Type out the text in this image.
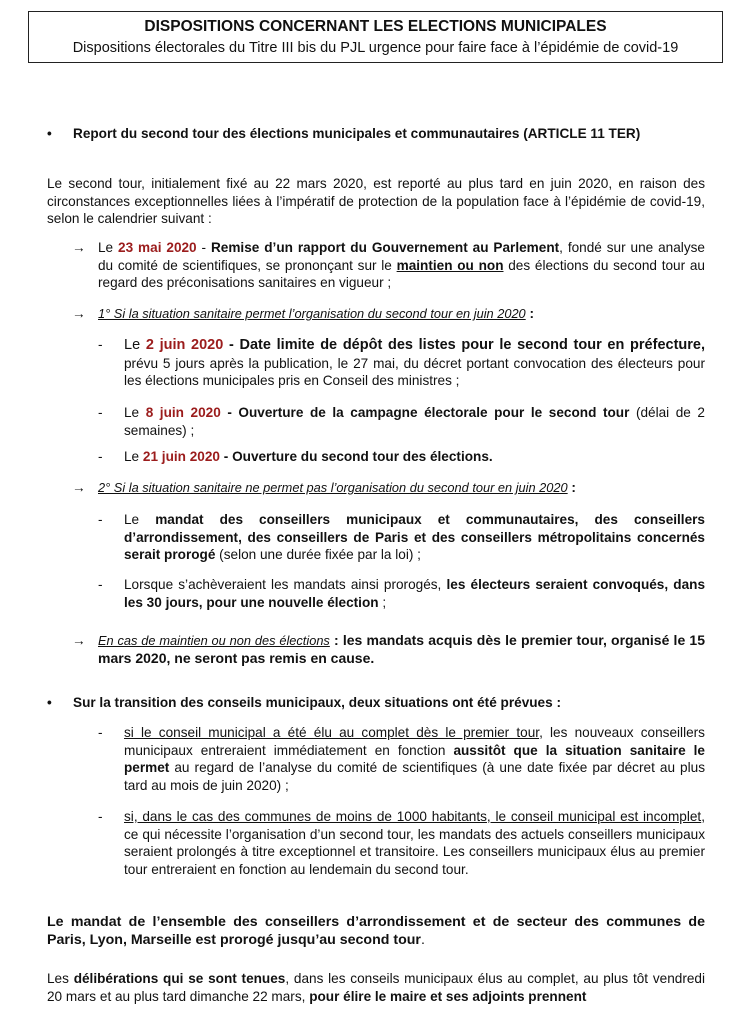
DISPOSITIONS CONCERNANT LES ELECTIONS MUNICIPALES
Dispositions électorales du Titre III bis du PJL urgence pour faire face à l’épidémie de covid-19
• Report du second tour des élections municipales et communautaires (ARTICLE 11 TER)
Le second tour, initialement fixé au 22 mars 2020, est reporté au plus tard en juin 2020, en raison des circonstances exceptionnelles liées à l’impératif de protection de la population face à l’épidémie de covid-19, selon le calendrier suivant :
→ Le 23 mai 2020 - Remise d’un rapport du Gouvernement au Parlement, fondé sur une analyse du comité de scientifiques, se prononçant sur le maintien ou non des élections du second tour au regard des préconisations sanitaires en vigueur ;
→ 1° Si la situation sanitaire permet l’organisation du second tour en juin 2020 :
- Le 2 juin 2020 - Date limite de dépôt des listes pour le second tour en préfecture, prévu 5 jours après la publication, le 27 mai, du décret portant convocation des électeurs pour les élections municipales pris en Conseil des ministres ;
- Le 8 juin 2020 - Ouverture de la campagne électorale pour le second tour (délai de 2 semaines) ;
- Le 21 juin 2020 - Ouverture du second tour des élections.
→ 2° Si la situation sanitaire ne permet pas l’organisation du second tour en juin 2020 :
- Le mandat des conseillers municipaux et communautaires, des conseillers d’arrondissement, des conseillers de Paris et des conseillers métropolitains concernés serait prorogé (selon une durée fixée par la loi) ;
- Lorsque s’achèveraient les mandats ainsi prorogés, les électeurs seraient convoqués, dans les 30 jours, pour une nouvelle élection ;
→ En cas de maintien ou non des élections : les mandats acquis dès le premier tour, organisé le 15 mars 2020, ne seront pas remis en cause.
• Sur la transition des conseils municipaux, deux situations ont été prévues :
- si le conseil municipal a été élu au complet dès le premier tour, les nouveaux conseillers municipaux entreraient immédiatement en fonction aussitôt que la situation sanitaire le permet au regard de l’analyse du comité de scientifiques (à une date fixée par décret au plus tard au mois de juin 2020) ;
- si, dans le cas des communes de moins de 1000 habitants, le conseil municipal est incomplet, ce qui nécessite l’organisation d’un second tour, les mandats des actuels conseillers municipaux seraient prolongés à titre exceptionnel et transitoire. Les conseillers municipaux élus au premier tour entreraient en fonction au lendemain du second tour.
Le mandat de l’ensemble des conseillers d’arrondissement et de secteur des communes de Paris, Lyon, Marseille est prorogé jusqu’au second tour.
Les délibérations qui se sont tenues, dans les conseils municipaux élus au complet, au plus tôt vendredi 20 mars et au plus tard dimanche 22 mars, pour élire le maire et ses adjoints prennent
